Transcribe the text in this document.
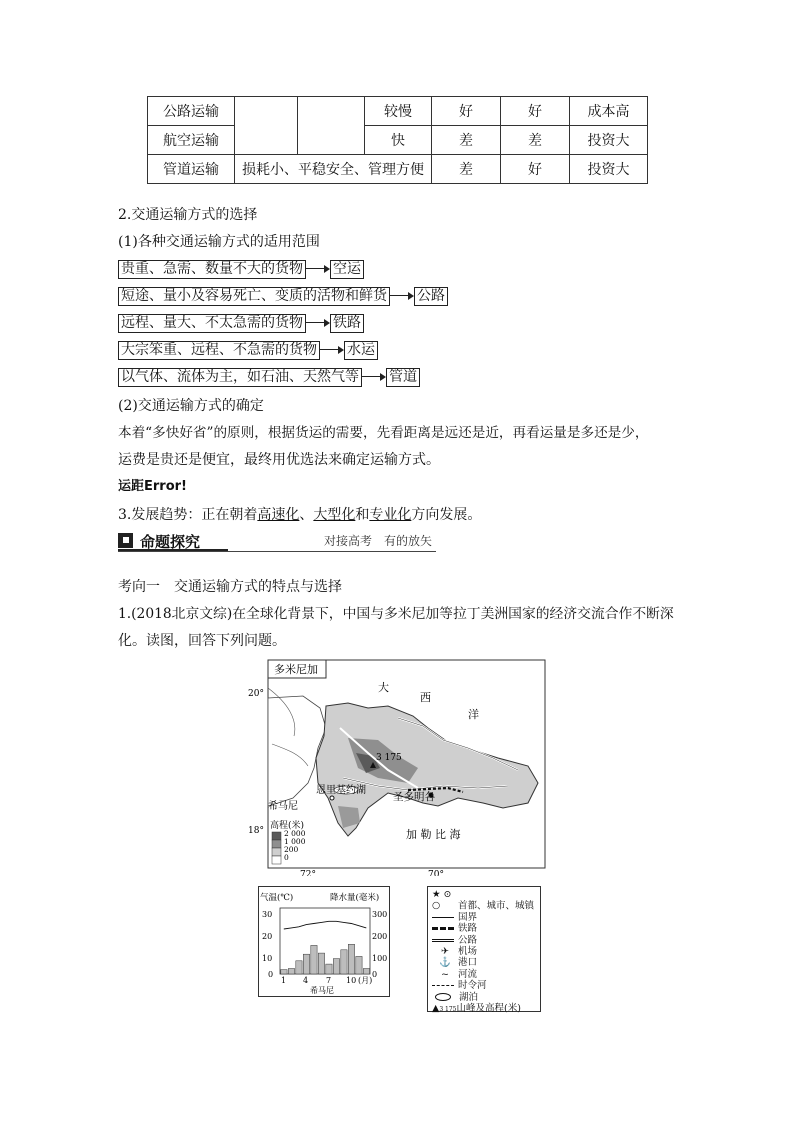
公路运输			较慢	好	好	成本高
航空运输			快	差	差	投资大
管道运输	损耗小、平稳安全、管理方便			差	好	投资大
2.交通运输方式的选择
(1)各种交通运输方式的适用范围
贵重、急需、数量不大的货物 空运
短途、量小及容易死亡、变质的活物和鲜货 公路
远程、量大、不太急需的货物 铁路
大宗笨重、远程、不急需的货物 水运
以气体、流体为主，如石油、天然气等 管道
(2)交通运输方式的确定
本着“多快好省”的原则，根据货运的需要，先看距离是远还是近，再看运量是多还是少，
运费是贵还是便宜，最终用优选法来确定运输方式。
运距Error!
3.发展趋势：正在朝着高速化、大型化和专业化方向发展。
命题探究	对接高考　有的放矢
考向一　交通运输方式的特点与选择
1.(2018北京文综)在全球化背景下，中国与多米尼加等拉丁美洲国家的经济交流合作不断深
化。读图，回答下列问题。
多米尼加
恩里基约湖
3 175
圣多明各
希马尼
大
西
洋
加 勒 比 海
20°
18°
72°	70°
高程(米)
2 000
1 000
200
0
气温(℃)	降水量(毫米)
30
20
10
0
300
200
100
0
1 4 7 10 (月)
希马尼
★ ⊙ ○ 首都、城市、城镇
国界
铁路
公路
✈ 机场
⚓ 港口
~ 河流
时令河
湖泊
▲3 175山峰及高程(米)
